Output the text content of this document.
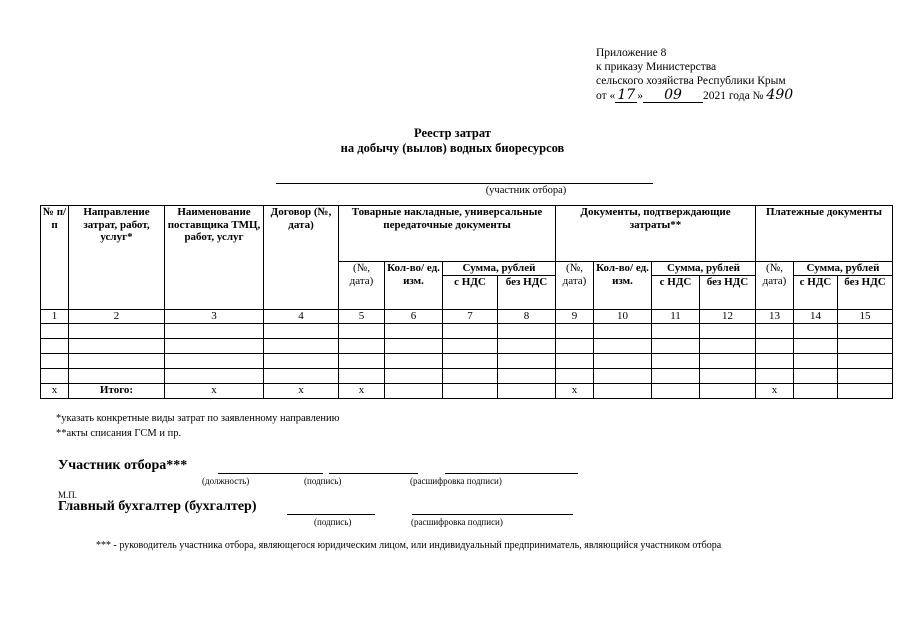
Приложение 8
к приказу Министерства
сельского хозяйства Республики Крым
от « 17 » 09 2021 года № 490
Реестр затрат
на добычу (вылов) водных биоресурсов
(участник отбора)
№ п/п	Направление затрат, работ, услуг*	Наименование поставщика ТМЦ, работ, услуг	Договор (№, дата)	Товарные накладные, универсальные передаточные документы				Документы, подтверждающие затраты**				Платежные документы		
				(№, дата)	Кол-во/ ед. изм.	Сумма, рублей		(№, дата)	Кол-во/ ед. изм.	Сумма, рублей		(№, дата)	Сумма, рублей	
						с НДС	без НДС			с НДС	без НДС		с НДС	без НДС
1	2	3	4	5	6	7	8	9	10	11	12	13	14	15

x	Итого:	x	x	x				x				x		
*указать конкретные виды затрат по заявленному направлению
**акты списания ГСМ и пр.
Участник отбора***
(должность)	(подпись)	(расшифровка подписи)
М.П.
Главный бухгалтер (бухгалтер)
(подпись)	(расшифровка подписи)
*** - руководитель участника отбора, являющегося юридическим лицом, или индивидуальный предприниматель, являющийся участником отбора
